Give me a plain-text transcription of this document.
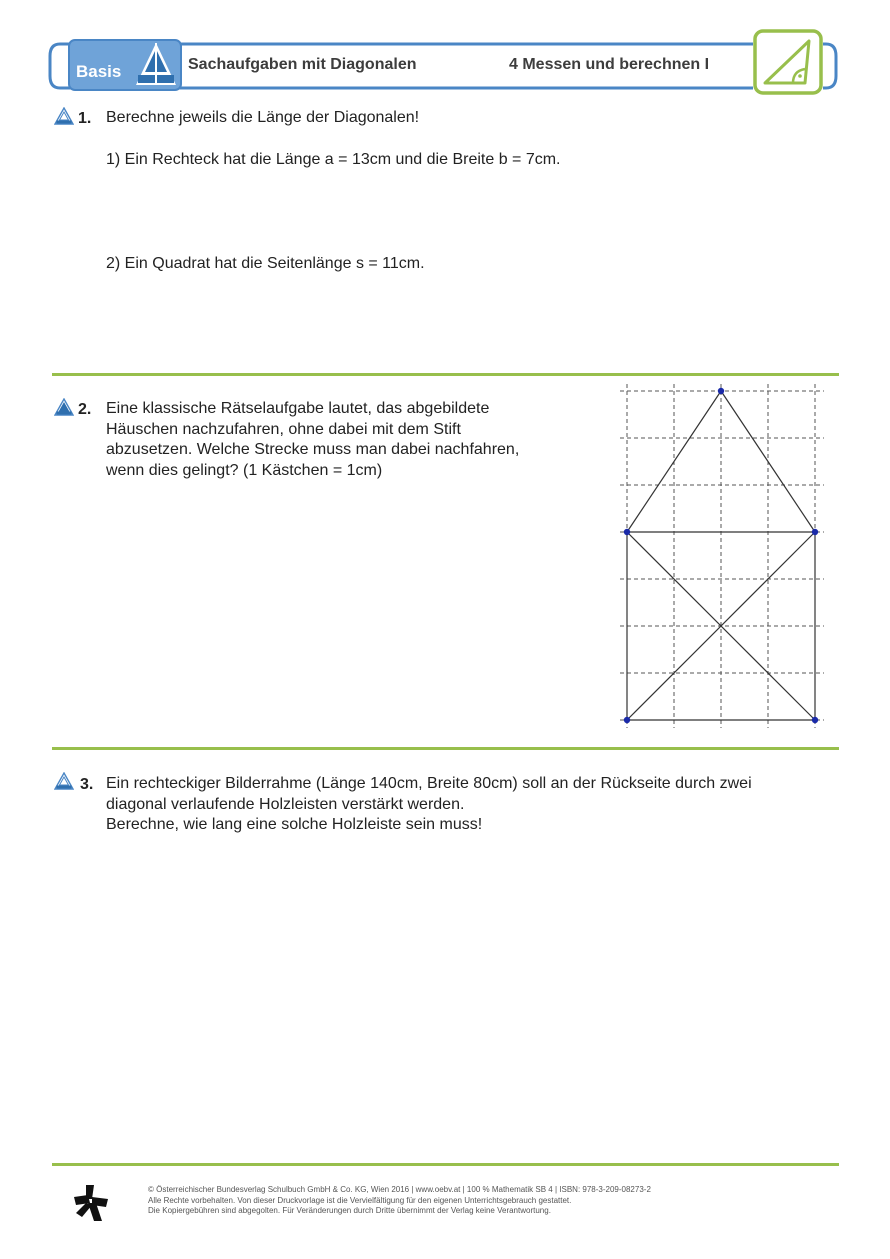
Basis	Sachaufgaben mit Diagonalen	4 Messen und berechnen I
1. Berechne jeweils die Länge der Diagonalen!
1) Ein Rechteck hat die Länge a = 13cm und die Breite b = 7cm.
2) Ein Quadrat hat die Seitenlänge s = 11cm.
2. Eine klassische Rätselaufgabe lautet, das abgebildete
Häuschen nachzufahren, ohne dabei mit dem Stift
abzusetzen. Welche Strecke muss man dabei nachfahren,
wenn dies gelingt? (1 Kästchen = 1cm)
3. Ein rechteckiger Bilderrahme (Länge 140cm, Breite 80cm) soll an der Rückseite durch zwei
diagonal verlaufende Holzleisten verstärkt werden.
Berechne, wie lang eine solche Holzleiste sein muss!
© Österreichischer Bundesverlag Schulbuch GmbH & Co. KG, Wien 2016 | www.oebv.at | 100 % Mathematik SB 4 | ISBN: 978-3-209-08273-2
Alle Rechte vorbehalten. Von dieser Druckvorlage ist die Vervielfältigung für den eigenen Unterrichtsgebrauch gestattet.
Die Kopiergebühren sind abgegolten. Für Veränderungen durch Dritte übernimmt der Verlag keine Verantwortung.
